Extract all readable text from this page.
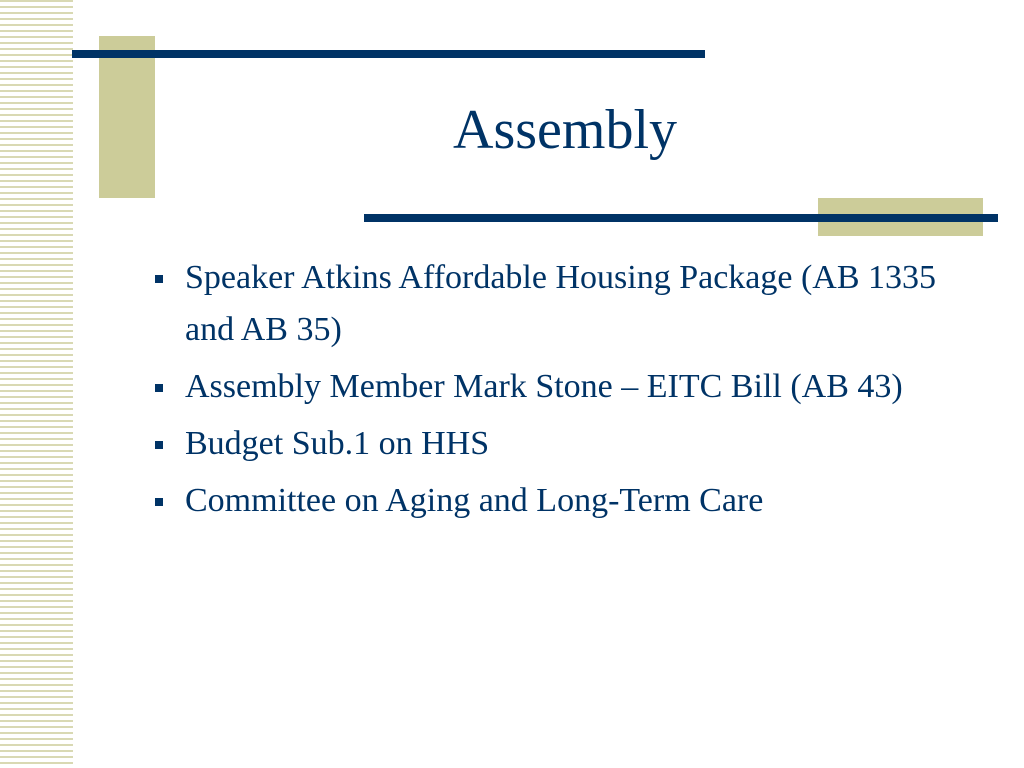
Assembly
Speaker Atkins Affordable Housing Package (AB 1335 and AB 35)
Assembly Member Mark Stone – EITC Bill (AB 43)
Budget Sub.1 on HHS
Committee on Aging and Long-Term Care
